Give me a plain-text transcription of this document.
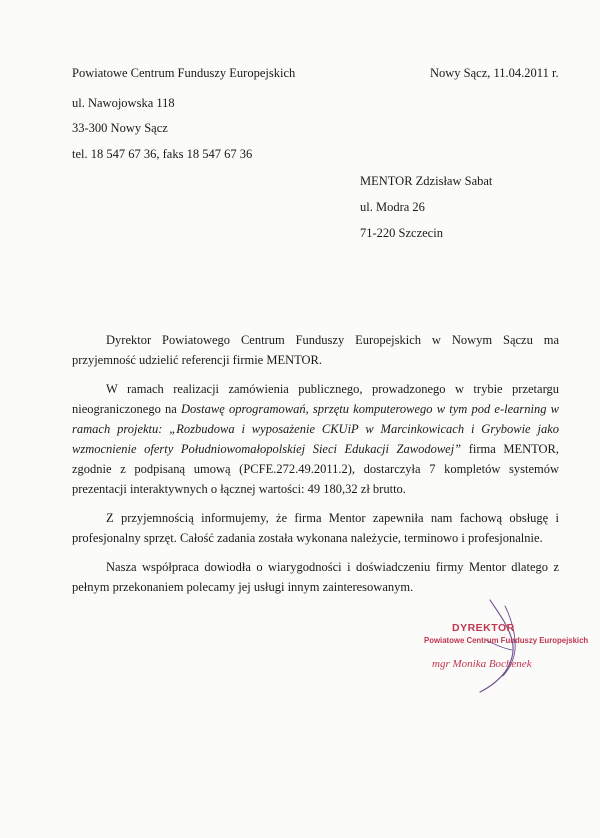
Powiatowe Centrum Funduszy Europejskich
ul. Nawojowska 118
33-300 Nowy Sącz
tel. 18 547 67 36, faks 18 547 67 36
Nowy Sącz, 11.04.2011 r.
MENTOR Zdzisław Sabat
ul. Modra 26
71-220 Szczecin

Dyrektor Powiatowego Centrum Funduszy Europejskich w Nowym Sączu ma przyjemność udzielić referencji firmie MENTOR.

W ramach realizacji zamówienia publicznego, prowadzonego w trybie przetargu nieograniczonego na Dostawę oprogramowań, sprzętu komputerowego w tym pod e-learning w ramach projektu: „Rozbudowa i wyposażenie CKUiP w Marcinkowicach i Grybowie jako wzmocnienie oferty Południowomałopolskiej Sieci Edukacji Zawodowej” firma MENTOR, zgodnie z podpisaną umową (PCFE.272.49.2011.2), dostarczyła 7 kompletów systemów prezentacji interaktywnych o łącznej wartości: 49 180,32 zł brutto.

Z przyjemnością informujemy, że firma Mentor zapewniła nam fachową obsługę i profesjonalny sprzęt. Całość zadania została wykonana należycie, terminowo i profesjonalnie.

Nasza współpraca dowiodła o wiarygodności i doświadczeniu firmy Mentor dlatego z pełnym przekonaniem polecamy jej usługi innym zainteresowanym.

DYREKTOR
Powiatowe Centrum Funduszy Europejskich
mgr Monika Bochenek
